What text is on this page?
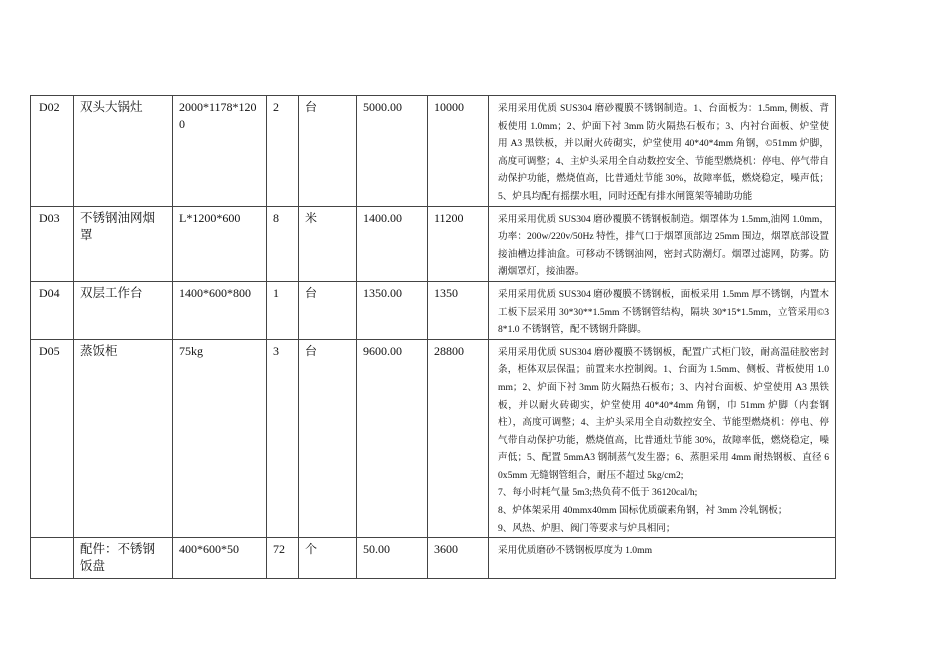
D02	双头大锅灶	2000*1178*1200	2	台	5000.00	10000	采用采用优质 SUS304 磨砂覆膜不锈钢制造。1、台面板为：1.5mm, 侧板、背板使用 1.0mm；2、炉面下衬 3mm 防火隔热石板布；3、内衬台面板、炉堂使用 A3 黑铁板，并以耐火砖砌实，炉堂使用 40*40*4mm 角钢，©51mm 炉脚，高度可调整；4、主炉头采用全自动数控安全、节能型燃烧机：停电、停气带自动保护功能，燃烧值高，比普通灶节能 30%，故障率低，燃烧稳定，噪声低；5、炉具均配有摇摆水咀，同时还配有排水闸篦架等辅助功能
D03	不锈钢油网烟罩	L*1200*600	8	米	1400.00	11200	采用采用优质 SUS304 磨砂覆膜不锈钢板制造。烟罩体为 1.5mm,油网 1.0mm，功率：200w/220v/50Hz 特性，排气口于烟罩顶部边 25mm 围边，烟罩底部设置接油槽边排油盒。可移动不锈钢油网，密封式防潮灯。烟罩过滤网，防雾。防潮烟罩灯，接油器。
D04	双层工作台	1400*600*800	1	台	1350.00	1350	采用采用优质 SUS304 磨砂覆膜不锈钢板，面板采用 1.5mm 厚不锈钢，内置木工板下层采用 30*30**1.5mm 不锈钢管结构，隔块 30*15*1.5mm，立管采用©38*1.0 不锈钢管，配不锈钢升降脚。
D05	蒸饭柜	75kg	3	台	9600.00	28800	采用采用优质 SUS304 磨砂覆膜不锈钢板，配置广式柜门铰，耐高温硅胶密封条，柜体双层保温；前置来水控制阀。1、台面为 1.5mm、侧板、背板使用 1.0mm；2、炉面下衬 3mm 防火隔热石板布；3、内衬台面板、炉堂使用 A3 黑铁板，并以耐火砖砌实，炉堂使用 40*40*4mm 角钢，巾 51mm 炉脚（内套钢柱），高度可调整；4、主炉头采用全自动数控安全、节能型燃烧机：停电、停气带自动保护功能，燃烧值高，比普通灶节能 30%，故障率低，燃烧稳定，噪声低；5、配置 5mmA3 钢制蒸气发生器；6、蒸胆采用 4mm 耐热钢板、直径 60x5mm 无缝钢管组合，耐压不超过 5kg/cm2;
7、每小时耗气量 5m3;热负荷不低于 36120cal/h;
8、炉体架采用 40mmx40mm 国标优质碳素角钢，衬 3mm 冷轧钢板；
9、风热、炉胆、阀门等要求与炉具相同；

	配件：不锈钢饭盘	400*600*50	72	个	50.00	3600	采用优质磨砂不锈钢板厚度为 1.0mm
